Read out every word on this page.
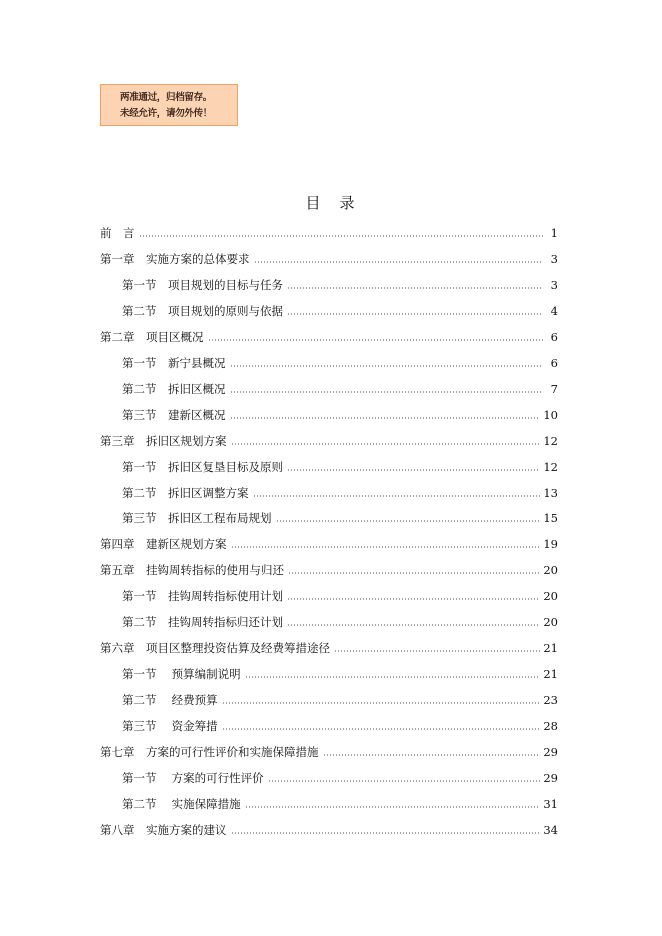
两准通过，归档留存。
未经允许，请勿外传！
目　录
前　言	1
第一章　实施方案的总体要求	3
第一节　项目规划的目标与任务	3
第二节　项目规划的原则与依据	4
第二章　项目区概况	6
第一节　新宁县概况	6
第二节　拆旧区概况	7
第三节　建新区概况	10
第三章　拆旧区规划方案	12
第一节　拆旧区复垦目标及原则	12
第二节　拆旧区调整方案	13
第三节　拆旧区工程布局规划	15
第四章　建新区规划方案	19
第五章　挂钩周转指标的使用与归还	20
第一节　挂钩周转指标使用计划	20
第二节　挂钩周转指标归还计划	20
第六章　项目区整理投资估算及经费筹措途径	21
第一节　 预算编制说明	21
第二节　 经费预算	23
第三节　 资金筹措	28
第七章　方案的可行性评价和实施保障措施	29
第一节　 方案的可行性评价	29
第二节　 实施保障措施	31
第八章　实施方案的建议	34
